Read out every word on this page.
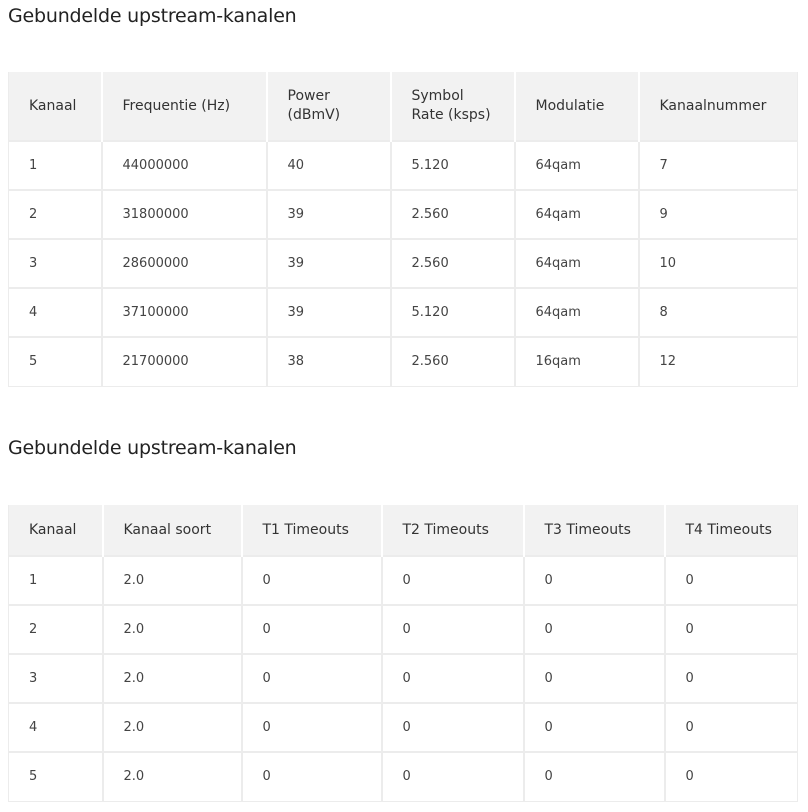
Gebundelde upstream-kanalen
Kanaal	Frequentie (Hz)	Power (dBmV)	Symbol Rate (ksps)	Modulatie	Kanaalnummer
1	44000000	40	5.120	64qam	7
2	31800000	39	2.560	64qam	9
3	28600000	39	2.560	64qam	10
4	37100000	39	5.120	64qam	8
5	21700000	38	2.560	16qam	12
Gebundelde upstream-kanalen
Kanaal	Kanaal soort	T1 Timeouts	T2 Timeouts	T3 Timeouts	T4 Timeouts
1	2.0	0	0	0	0
2	2.0	0	0	0	0
3	2.0	0	0	0	0
4	2.0	0	0	0	0
5	2.0	0	0	0	0
